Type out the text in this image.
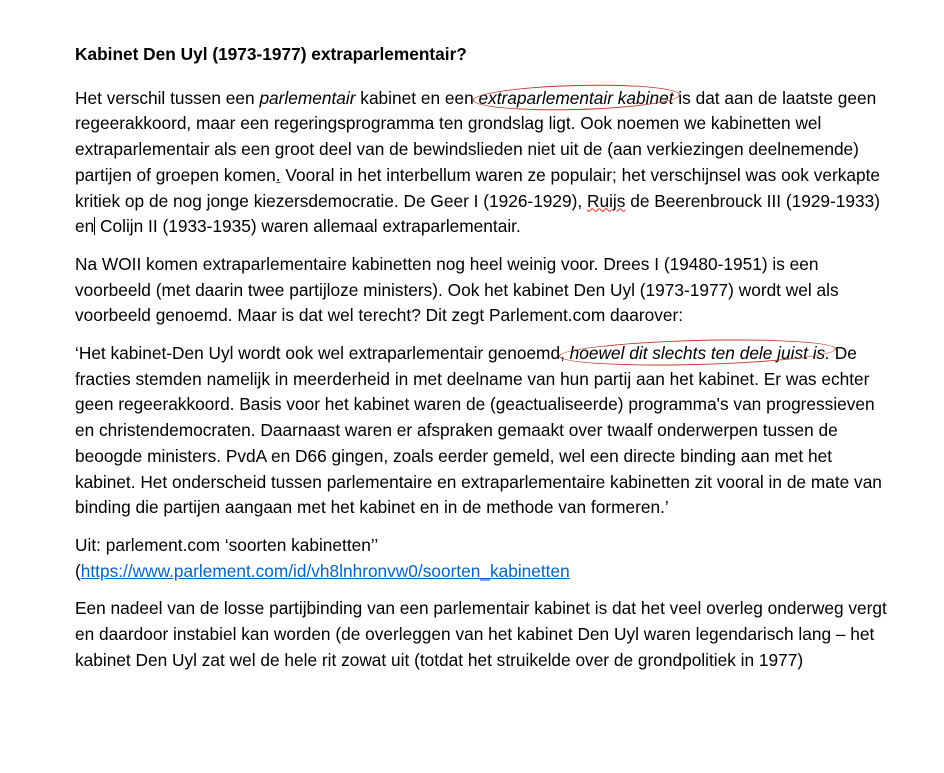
Kabinet Den Uyl (1973-1977) extraparlementair?

Het verschil tussen een parlementair kabinet en een extraparlementair kabinet is dat aan de laatste geen regeerakkoord, maar een regeringsprogramma ten grondslag ligt. Ook noemen we kabinetten wel extraparlementair als een groot deel van de bewindslieden niet uit de (aan verkiezingen deelnemende) partijen of groepen komen. Vooral in het interbellum waren ze populair; het verschijnsel was ook verkapte kritiek op de nog jonge kiezersdemocratie. De Geer I (1926-1929), Ruijs de Beerenbrouck III (1929-1933) en Colijn II (1933-1935) waren allemaal extraparlementair.

Na WOII komen extraparlementaire kabinetten nog heel weinig voor. Drees I (19480-1951) is een voorbeeld (met daarin twee partijloze ministers). Ook het kabinet Den Uyl (1973-1977) wordt wel als voorbeeld genoemd. Maar is dat wel terecht? Dit zegt Parlement.com daarover:

‘Het kabinet-Den Uyl wordt ook wel extraparlementair genoemd, hoewel dit slechts ten dele juist is. De fracties stemden namelijk in meerderheid in met deelname van hun partij aan het kabinet. Er was echter geen regeerakkoord. Basis voor het kabinet waren de (geactualiseerde) programma's van progressieven en christendemocraten. Daarnaast waren er afspraken gemaakt over twaalf onderwerpen tussen de beoogde ministers. PvdA en D66 gingen, zoals eerder gemeld, wel een directe binding aan met het kabinet. Het onderscheid tussen parlementaire en extraparlementaire kabinetten zit vooral in de mate van binding die partijen aangaan met het kabinet en in de methode van formeren.’

Uit: parlement.com ‘soorten kabinetten’’
(https://www.parlement.com/id/vh8lnhronvw0/soorten_kabinetten

Een nadeel van de losse partijbinding van een parlementair kabinet is dat het veel overleg onderweg vergt en daardoor instabiel kan worden (de overleggen van het kabinet Den Uyl waren legendarisch lang – het kabinet Den Uyl zat wel de hele rit zowat uit (totdat het struikelde over de grondpolitiek in 1977)
